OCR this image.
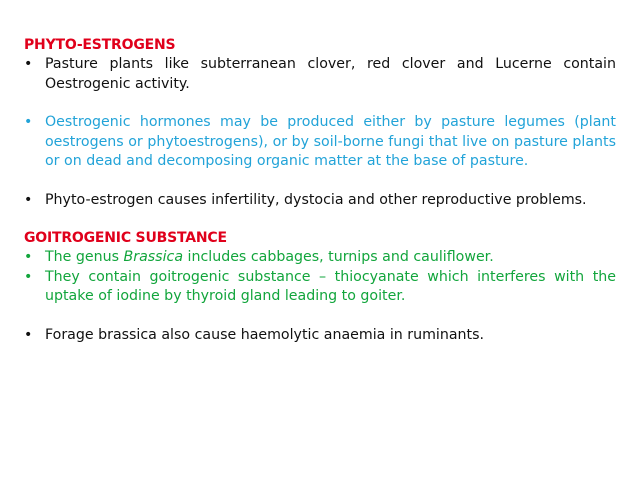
PHYTO-ESTROGENS
• Pasture plants like subterranean clover, red clover and Lucerne contain Oestrogenic activity.
• Oestrogenic hormones may be produced either by pasture legumes (plant oestrogens or phytoestrogens), or by soil-borne fungi that live on pasture plants or on dead and decomposing organic matter at the base of pasture.
• Phyto-estrogen causes infertility, dystocia and other reproductive problems.
GOITROGENIC SUBSTANCE
• The genus Brassica includes cabbages, turnips and cauliflower.
• They contain goitrogenic substance – thiocyanate which interferes with the uptake of iodine by thyroid gland leading to goiter.
• Forage brassica also cause haemolytic anaemia in ruminants.
